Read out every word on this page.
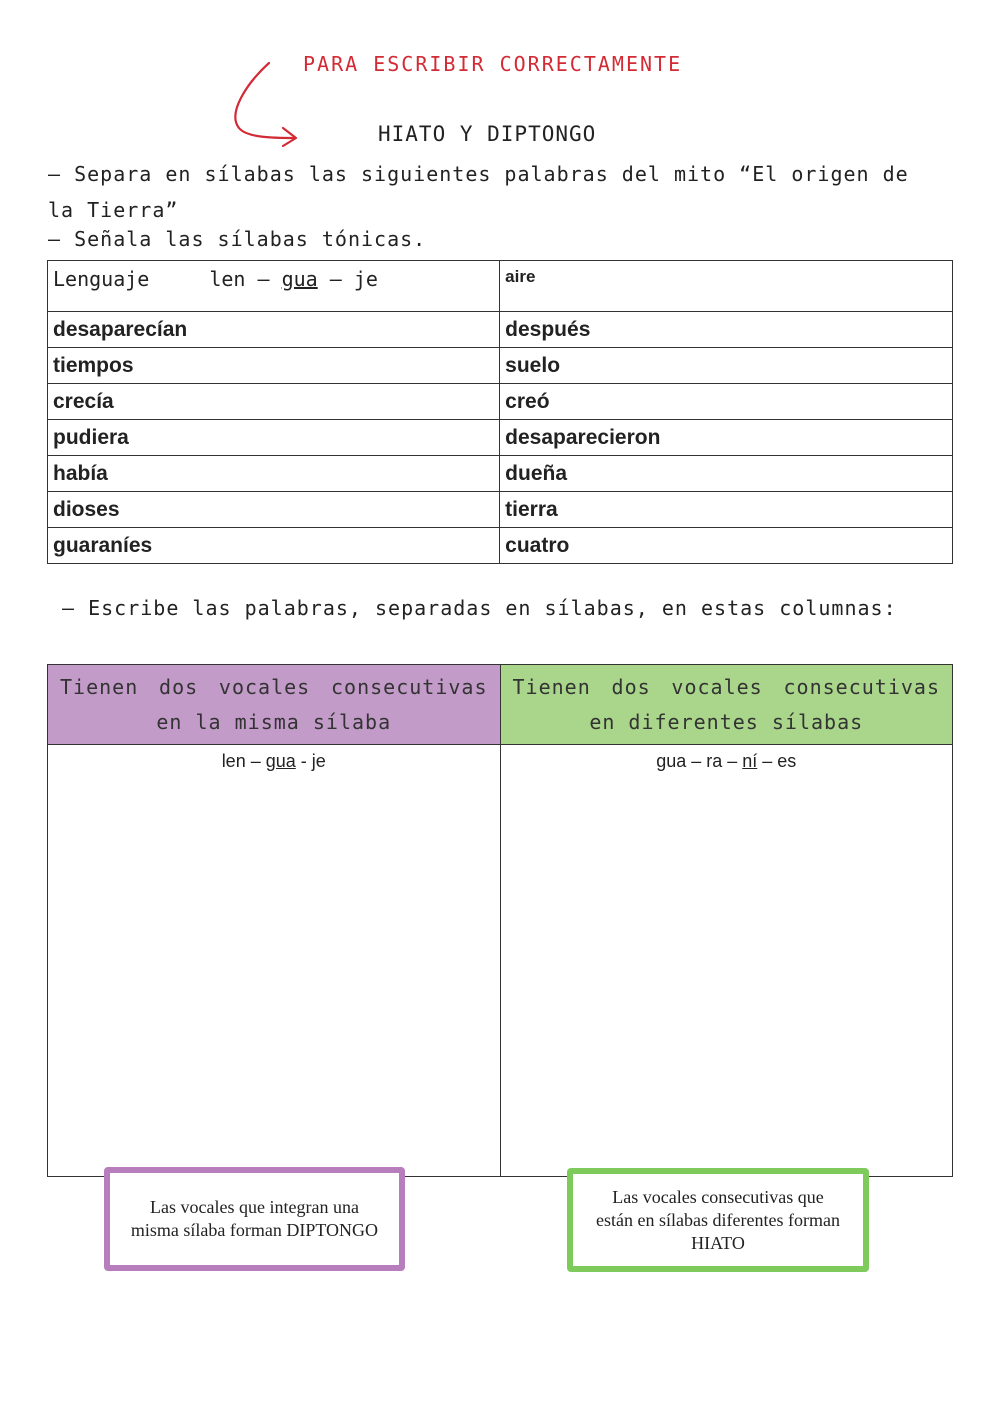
PARA ESCRIBIR CORRECTAMENTE
HIATO Y DIPTONGO
– Separa en sílabas las siguientes palabras del mito “El origen de la Tierra”
– Señala las sílabas tónicas.
Lenguaje len – gua – je	aire
desaparecían	después
tiempos	suelo
crecía	creó
pudiera	desaparecieron
había	dueña
dioses	tierra
guaraníes	cuatro
– Escribe las palabras, separadas en sílabas, en estas columnas:
Tienen dos vocales consecutivas en la misma sílaba	Tienen dos vocales consecutivas en diferentes sílabas
len – gua - je	gua – ra – ní – es
Las vocales que integran una misma sílaba forman DIPTONGO
Las vocales consecutivas que están en sílabas diferentes forman HIATO
